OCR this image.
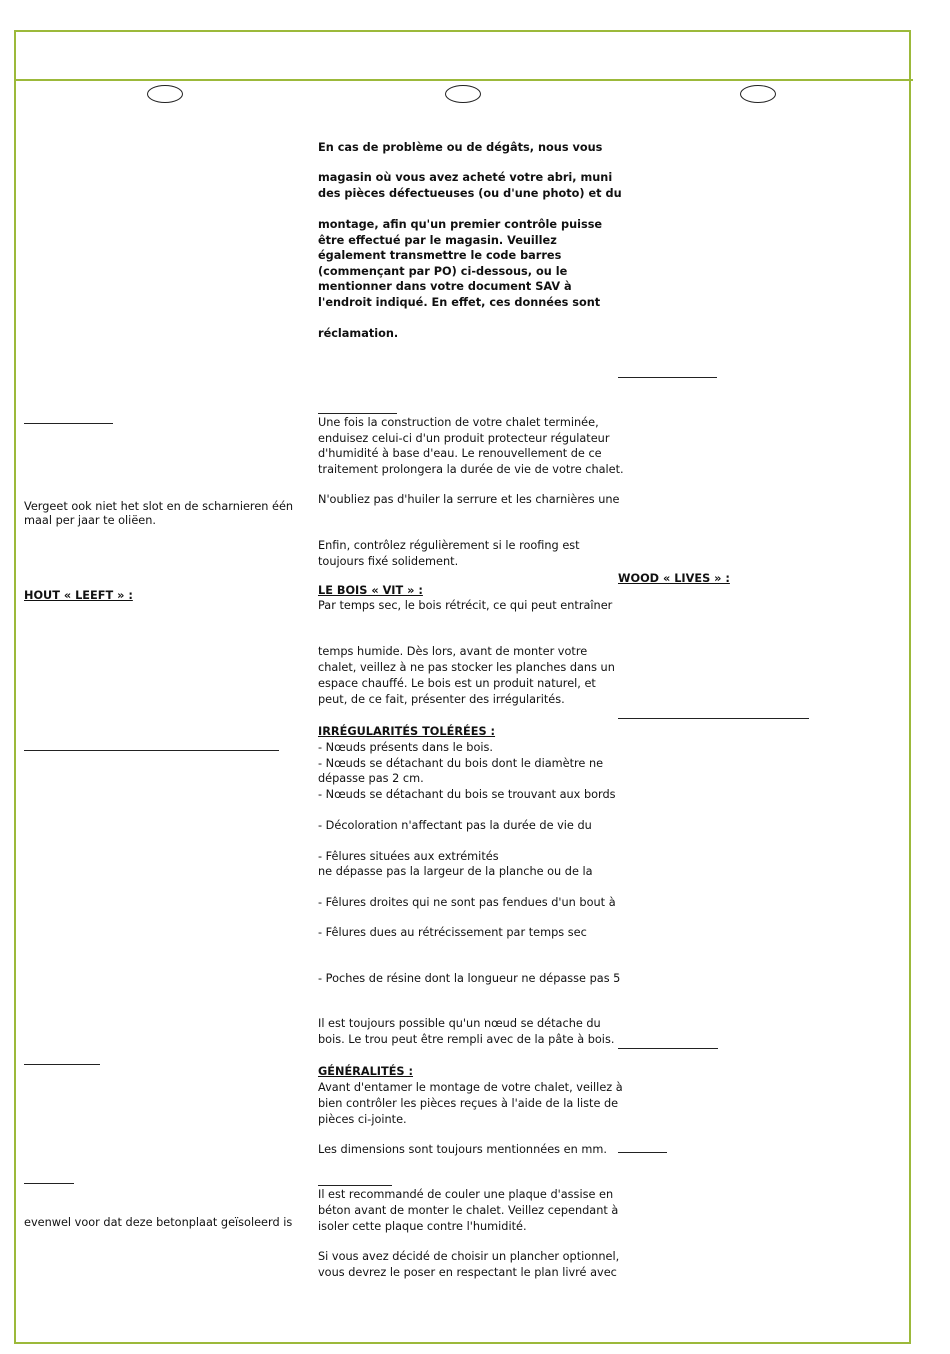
En cas de problème ou de dégâts, nous vous
magasin où vous avez acheté votre abri, muni
des pièces défectueuses (ou d'une photo) et du
montage, afin qu'un premier contrôle puisse
être effectué par le magasin. Veuillez
également transmettre le code barres
(commençant par PO) ci-dessous, ou le
mentionner dans votre document SAV à
l'endroit indiqué. En effet, ces données sont
réclamation.
Une fois la construction de votre chalet terminée,
enduisez celui-ci d'un produit protecteur régulateur
d'humidité à base d'eau. Le renouvellement de ce
traitement prolongera la durée de vie de votre chalet.
N'oubliez pas d'huiler la serrure et les charnières une
Enfin, contrôlez régulièrement si le roofing est
toujours fixé solidement.
LE BOIS « VIT » :
Par temps sec, le bois rétrécit, ce qui peut entraîner
temps humide. Dès lors, avant de monter votre
chalet, veillez à ne pas stocker les planches dans un
espace chauffé. Le bois est un produit naturel, et
peut, de ce fait, présenter des irrégularités.
IRRÉGULARITÉS TOLÉRÉES :
- Nœuds présents dans le bois.
- Nœuds se détachant du bois dont le diamètre ne
dépasse pas 2 cm.
- Nœuds se détachant du bois se trouvant aux bords
- Décoloration n'affectant pas la durée de vie du
- Fêlures situées aux extrémités
ne dépasse pas la largeur de la planche ou de la
- Fêlures droites qui ne sont pas fendues d'un bout à
- Fêlures dues au rétrécissement par temps sec
- Poches de résine dont la longueur ne dépasse pas 5
Il est toujours possible qu'un nœud se détache du
bois. Le trou peut être rempli avec de la pâte à bois.
GÉNÉRALITÉS :
Avant d'entamer le montage de votre chalet, veillez à
bien contrôler les pièces reçues à l'aide de la liste de
pièces ci-jointe.
Les dimensions sont toujours mentionnées en mm.
Il est recommandé de couler une plaque d'assise en
béton avant de monter le chalet. Veillez cependant à
isoler cette plaque contre l'humidité.
Si vous avez décidé de choisir un plancher optionnel,
vous devrez le poser en respectant le plan livré avec
Vergeet ook niet het slot en de scharnieren één
maal per jaar te oliëen.
HOUT « LEEFT » :
evenwel voor dat deze betonplaat geïsoleerd is
WOOD « LIVES » :
